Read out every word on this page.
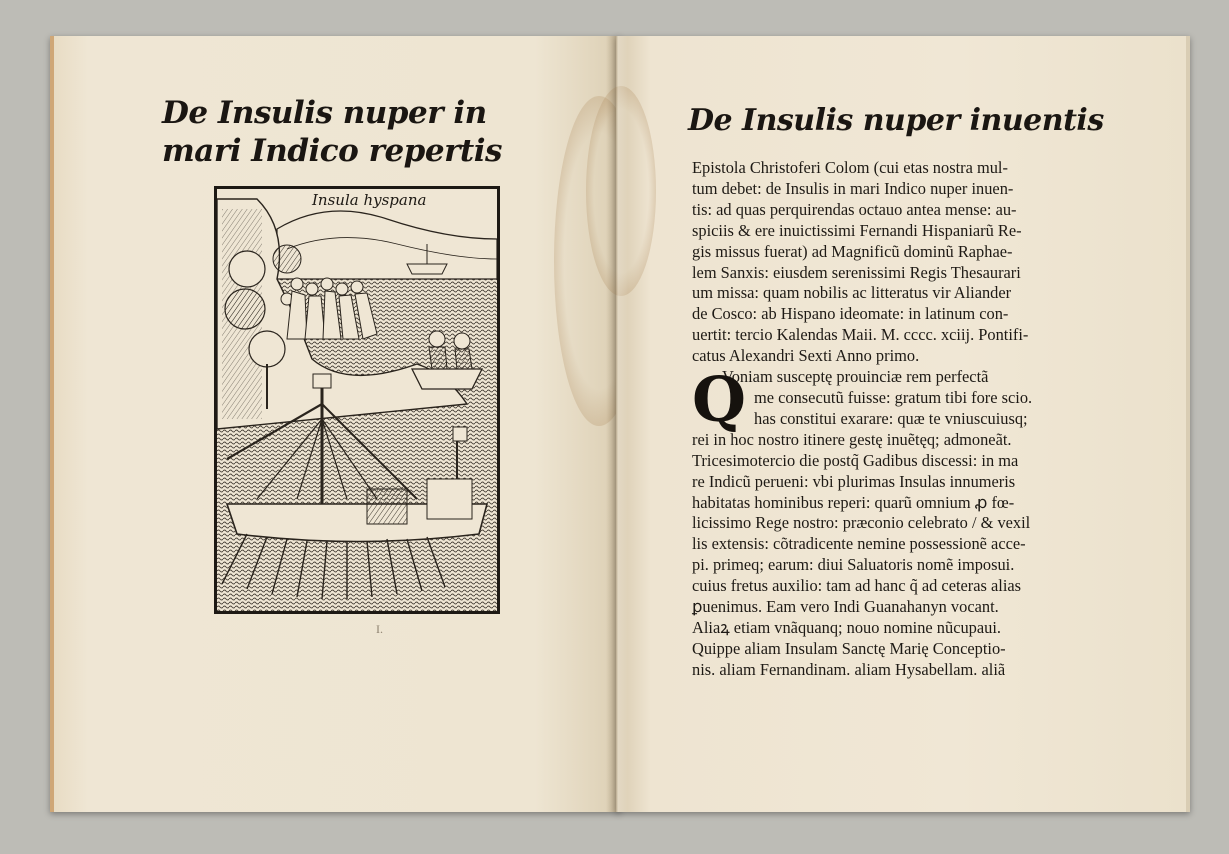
De Insulis nuper in
mari Indico repertis
Insula hyspana
I.
De Insulis nuper inuentis
Epistola Christoferi Colom (cui etas nostra mul-
tum debet: de Insulis in mari Indico nuper inuen-
tis: ad quas perquirendas octauo antea mense: au-
spiciis & ere inuictissimi Fernandi Hispaniarũ Re-
gis missus fuerat) ad Magnificũ dominũ Raphae-
lem Sanxis: eiusdem serenissimi Regis Thesaurari
um missa: quam nobilis ac litteratus vir Aliander
de Cosco: ab Hispano ideomate: in latinum con-
uertit: tercio Kalendas Maii. M. cccc. xciij. Pontifi-
catus Alexandri Sexti Anno primo.
Q
Voniam susceptę prouinciæ rem perfectã
me consecutũ fuisse: gratum tibi fore scio.
has constitui exarare: quæ te vniuscuiusq;
rei in hoc nostro itinere gestę inuẽtęq; admoneãt.
Tricesimotercio die postq̃ Gadibus discessi: in ma
re Indicũ perueni: vbi plurimas Insulas innumeris
habitatas hominibus reperi: quarũ omnium ꝓ fœ-
licissimo Rege nostro: præconio celebrato / & vexil
lis extensis: cõtradicente nemine possessionẽ acce-
pi. primeq; earum: diui Saluatoris nomẽ imposui.
cuius fretus auxilio: tam ad hanc q̃ ad ceteras alias
ꝑuenimus. Eam vero Indi Guanahanyn vocant.
Aliaꝝ etiam vnãquanq; nouo nomine nũcupaui.
Quippe aliam Insulam Sanctę Marię Conceptio-
nis. aliam Fernandinam. aliam Hysabellam. aliã
